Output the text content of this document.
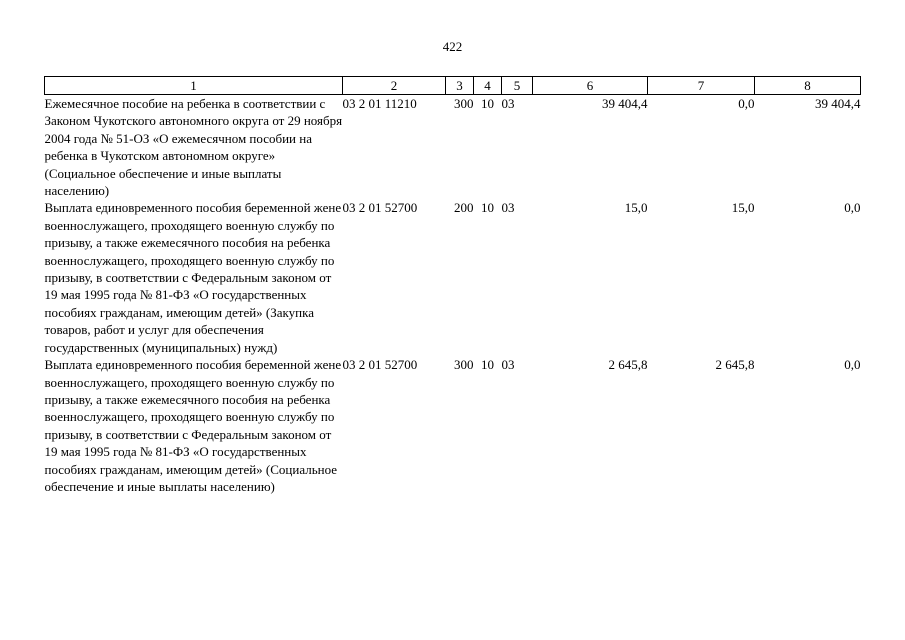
422
1	2	3	4	5	6	7	8
Ежемесячное пособие на ребенка в соответствии с Законом Чукотского автономного округа от 29 ноября 2004 года № 51-ОЗ «О ежемесячном пособии на ребенка в Чукотском автономном округе» (Социальное обеспечение и иные выплаты населению)	03 2 01 11210	300	10	03	39 404,4	0,0	39 404,4
Выплата единовременного пособия беременной жене военнослужащего, проходящего военную службу по призыву, а также ежемесячного пособия на ребенка военнослужащего, проходящего военную службу по призыву, в соответствии с Федеральным законом от 19 мая 1995 года № 81-ФЗ «О государственных пособиях гражданам, имеющим детей» (Закупка товаров, работ и услуг для обеспечения государственных (муниципальных) нужд)	03 2 01 52700	200	10	03	15,0	15,0	0,0
Выплата единовременного пособия беременной жене военнослужащего, проходящего военную службу по призыву, а также ежемесячного пособия на ребенка военнослужащего, проходящего военную службу по призыву, в соответствии с Федеральным законом от 19 мая 1995 года № 81-ФЗ «О государственных пособиях гражданам, имеющим детей» (Социальное обеспечение и иные выплаты населению)	03 2 01 52700	300	10	03	2 645,8	2 645,8	0,0
